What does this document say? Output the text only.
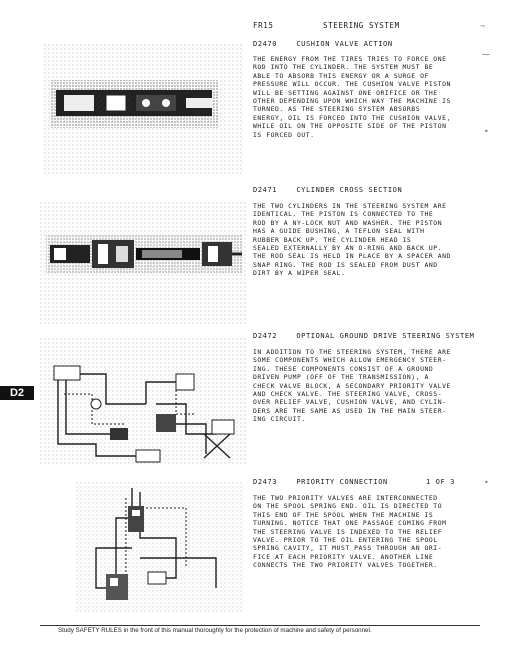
FR15	STEERING SYSTEM	¬
D2
D2470	CUSHION VALVE ACTION

THE ENERGY FROM THE TIRES TRIES TO FORCE ONE
ROD INTO THE CYLINDER. THE SYSTEM MUST BE
ABLE TO ABSORB THIS ENERGY OR A SURGE OF
PRESSURE WILL OCCUR. THE CUSHION VALVE PISTON
WILL BE SETTING AGAINST ONE ORIFICE OR THE
OTHER DEPENDING UPON WHICH WAY THE MACHINE IS
TURNED. AS THE STEERING SYSTEM ABSORBS
ENERGY, OIL IS FORCED INTO THE CUSHION VALVE,
WHILE OIL ON THE OPPOSITE SIDE OF THE PISTON
IS FORCED OUT.

⁓
•
D2471	CYLINDER CROSS SECTION

THE TWO CYLINDERS IN THE STEERING SYSTEM ARE
IDENTICAL. THE PISTON IS CONNECTED TO THE
ROD BY A NY-LOCK NUT AND WASHER. THE PISTON
HAS A GUIDE BUSHING, A TEFLON SEAL WITH
RUBBER BACK UP. THE CYLINDER HEAD IS
SEALED EXTERNALLY BY AN O-RING AND BACK UP.
THE ROD SEAL IS HELD IN PLACE BY A SPACER AND
SNAP RING. THE ROD IS SEALED FROM DUST AND
DIRT BY A WIPER SEAL.

D2472	OPTIONAL GROUND DRIVE STEERING SYSTEM

IN ADDITION TO THE STEERING SYSTEM, THERE ARE
SOME COMPONENTS WHICH ALLOW EMERGENCY STEER-
ING. THESE COMPONENTS CONSIST OF A GROUND
DRIVEN PUMP (OFF OF THE TRANSMISSION), A
CHECK VALVE BLOCK, A SECONDARY PRIORITY VALVE
AND CHECK VALVE. THE STEERING VALVE, CROSS-
OVER RELIEF VALVE, CUSHION VALVE, AND CYLIN-
DERS ARE THE SAME AS USED IN THE MAIN STEER-
ING CIRCUIT.

D2473	PRIORITY CONNECTION	1 OF 3

THE TWO PRIORITY VALVES ARE INTERCONNECTED
ON THE SPOOL SPRING END. OIL IS DIRECTED TO
THIS END OF THE SPOOL WHEN THE MACHINE IS
TURNING. NOTICE THAT ONE PASSAGE COMING FROM
THE STEERING VALVE IS INDEXED TO THE RELIEF
VALVE. PRIOR TO THE OIL ENTERING THE SPOOL
SPRING CAVITY, IT MUST PASS THROUGH AN ORI-
FICE AT EACH PRIORITY VALVE. ANOTHER LINE
CONNECTS THE TWO PRIORITY VALVES TOGETHER.

•
Study SAFETY RULES in the front of this manual thoroughly for the protection of machine and safety of personnel.
